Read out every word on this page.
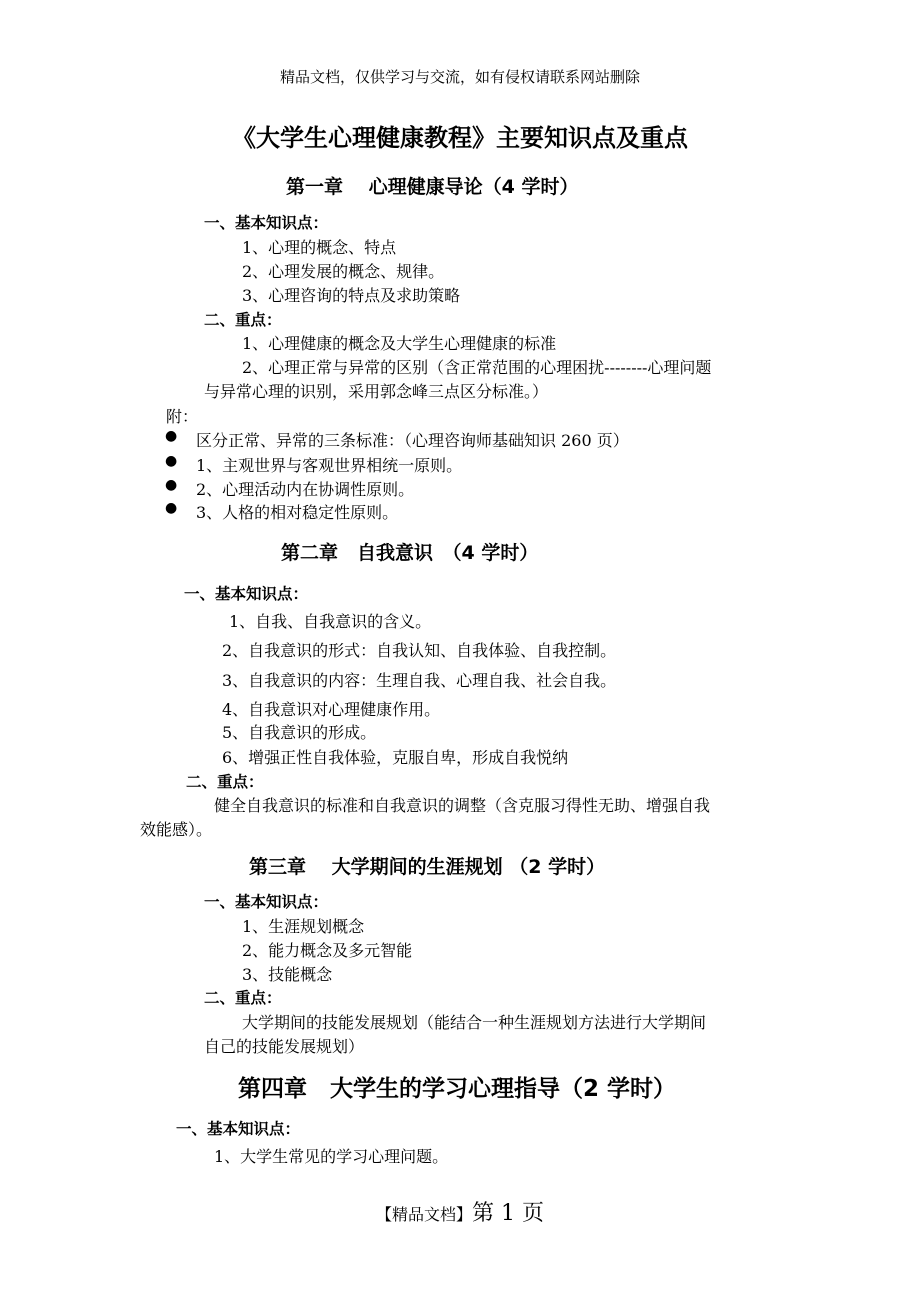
精品文档，仅供学习与交流，如有侵权请联系网站删除
《大学生心理健康教程》主要知识点及重点
第一章　 心理健康导论（4 学时）
一、基本知识点：
1、心理的概念、特点
2、心理发展的概念、规律。
3、心理咨询的特点及求助策略
二、重点：
1、心理健康的概念及大学生心理健康的标准
2、心理正常与异常的区别（含正常范围的心理困扰--------心理问题
与异常心理的识别，采用郭念峰三点区分标准。）
附：
● 区分正常、异常的三条标准：（心理咨询师基础知识 260 页）
● 1、主观世界与客观世界相统一原则。
● 2、心理活动内在协调性原则。
● 3、人格的相对稳定性原则。
第二章　自我意识　（4 学时）
一、基本知识点：
1、自我、自我意识的含义。
2、自我意识的形式：自我认知、自我体验、自我控制。
3、自我意识的内容：生理自我、心理自我、社会自我。
4、自我意识对心理健康作用。
5、自我意识的形成。
6、增强正性自我体验，克服自卑，形成自我悦纳
二、重点：
健全自我意识的标准和自我意识的调整（含克服习得性无助、增强自我
效能感）。
第三章　 大学期间的生涯规划 （2 学时）
一、基本知识点：
1、生涯规划概念
2、能力概念及多元智能
3、技能概念
二、重点：
大学期间的技能发展规划（能结合一种生涯规划方法进行大学期间
自己的技能发展规划）
第四章　大学生的学习心理指导（2 学时）
一、基本知识点：
1、大学生常见的学习心理问题。
【精品文档】第 1 页
